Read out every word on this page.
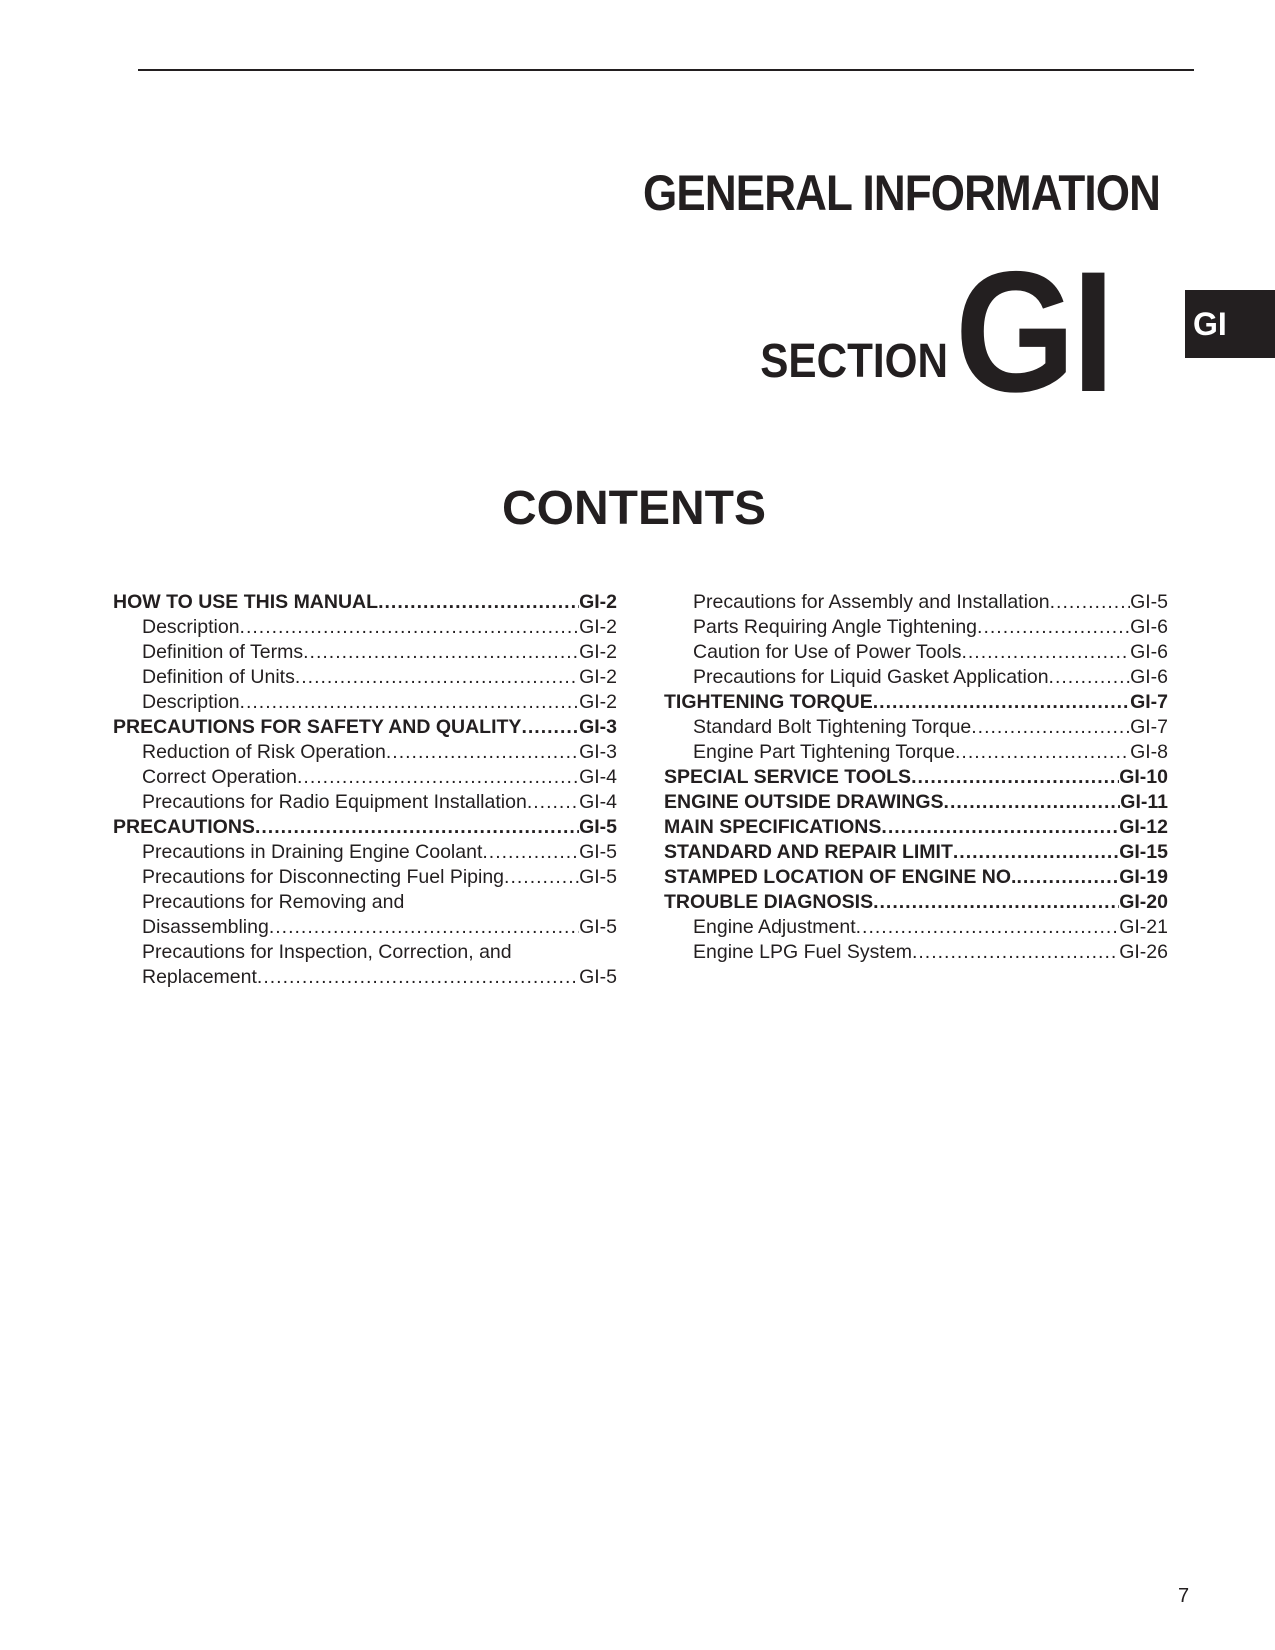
GENERAL INFORMATION
SECTION GI	GI
CONTENTS
HOW TO USE THIS MANUAL .....	GI-2
Description .....	GI-2
Definition of Terms .....	GI-2
Definition of Units .....	GI-2
Description .....	GI-2
PRECAUTIONS FOR SAFETY AND QUALITY .....	GI-3
Reduction of Risk Operation .....	GI-3
Correct Operation .....	GI-4
Precautions for Radio Equipment Installation .....	GI-4
PRECAUTIONS .....	GI-5
Precautions in Draining Engine Coolant .....	GI-5
Precautions for Disconnecting Fuel Piping .....	GI-5
Precautions for Removing and
Disassembling .....	GI-5
Precautions for Inspection, Correction, and
Replacement .....	GI-5
Precautions for Assembly and Installation .....	GI-5
Parts Requiring Angle Tightening .....	GI-6
Caution for Use of Power Tools .....	GI-6
Precautions for Liquid Gasket Application .....	GI-6
TIGHTENING TORQUE .....	GI-7
Standard Bolt Tightening Torque .....	GI-7
Engine Part Tightening Torque .....	GI-8
SPECIAL SERVICE TOOLS .....	GI-10
ENGINE OUTSIDE DRAWINGS .....	GI-11
MAIN SPECIFICATIONS .....	GI-12
STANDARD AND REPAIR LIMIT .....	GI-15
STAMPED LOCATION OF ENGINE NO. .....	GI-19
TROUBLE DIAGNOSIS .....	GI-20
Engine Adjustment .....	GI-21
Engine LPG Fuel System .....	GI-26
7
